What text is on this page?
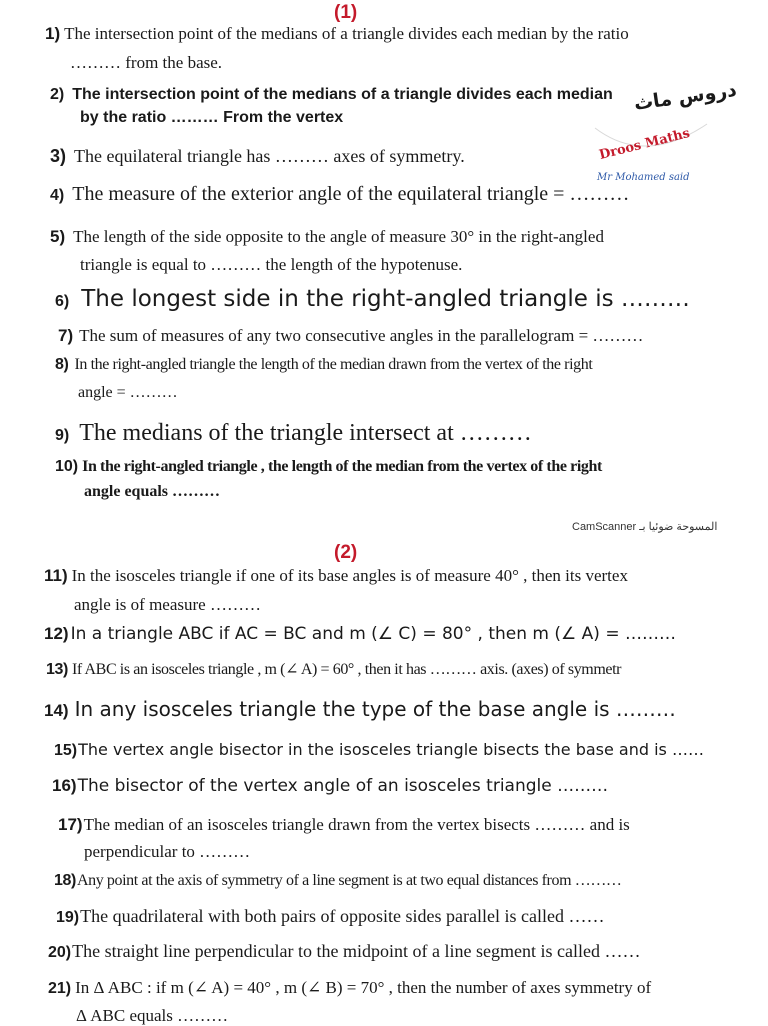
(1)
1) The intersection point of the medians of a triangle divides each median by the ratio
……… from the base.
2) The intersection point of the medians of a triangle divides each median
by the ratio ……… From the vertex
3) The equilateral triangle has ……… axes of symmetry.
4) The measure of the exterior angle of the equilateral triangle = ………
5) The length of the side opposite to the angle of measure 30° in the right-angled
triangle is equal to ……… the length of the hypotenuse.
6) The longest side in the right-angled triangle is ………
7) The sum of measures of any two consecutive angles in the parallelogram = ………
8) In the right-angled triangle the length of the median drawn from the vertex of the right
angle = ………
9) The medians of the triangle intersect at ………
10) In the right-angled triangle , the length of the median from the vertex of the right
angle equals ………
دروس ماث
Droos Maths
Mr Mohamed said
CamScanner المسوحة ضوئيا بـ
(2)
11) In the isosceles triangle if one of its base angles is of measure 40° , then its vertex
angle is of measure ………
12) In a triangle ABC if AC = BC and m (∠ C) = 80° , then m (∠ A) = ………
13) If ABC is an isosceles triangle , m (∠ A) = 60° , then it has ……… axis. (axes) of symmetr
14) In any isosceles triangle the type of the base angle is ………
15) The vertex angle bisector in the isosceles triangle bisects the base and is ……
16) The bisector of the vertex angle of an isosceles triangle ………
17) The median of an isosceles triangle drawn from the vertex bisects ……… and is
perpendicular to ………
18) Any point at the axis of symmetry of a line segment is at two equal distances from ………
19) The quadrilateral with both pairs of opposite sides parallel is called ……
20) The straight line perpendicular to the midpoint of a line segment is called ……
21) In Δ ABC : if m (∠ A) = 40° , m (∠ B) = 70° , then the number of axes symmetry of
Δ ABC equals ………
